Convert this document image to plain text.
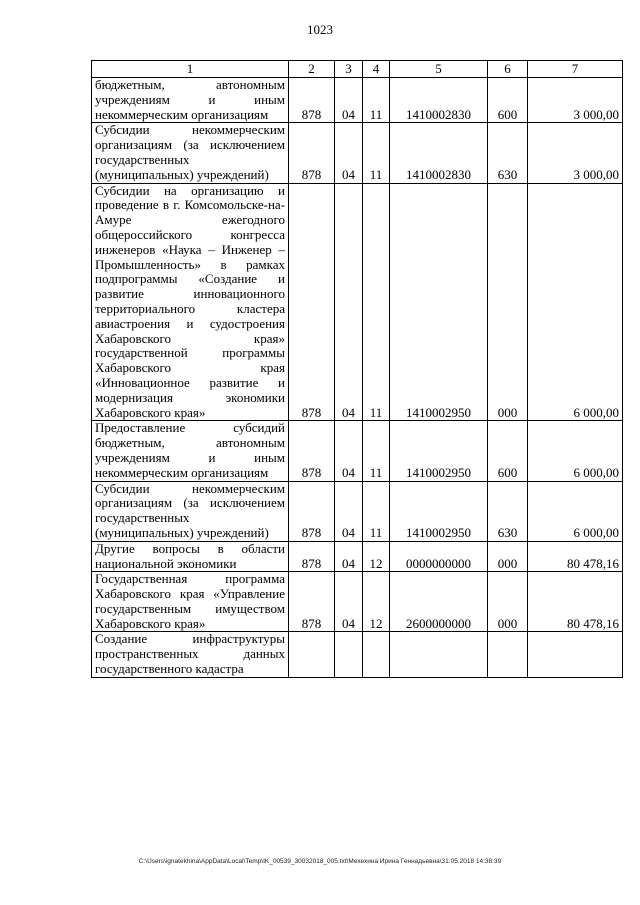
1023
1	2	3	4	5	6	7
бюджетным, автономным учреждениям и иным некоммерческим организациям	878	04	11	1410002830	600	3 000,00
Субсидии некоммерческим организациям (за исключением государственных (муниципальных) учреждений)	878	04	11	1410002830	630	3 000,00
Субсидии на организацию и проведение в г. Комсомольске-на-Амуре ежегодного общероссийского конгресса инженеров «Наука – Инженер – Промышленность» в рамках подпрограммы «Создание и развитие инновационного территориального кластера авиастроения и судостроения Хабаровского края» государственной программы Хабаровского края «Инновационное развитие и модернизация экономики Хабаровского края»	878	04	11	1410002950	000	6 000,00
Предоставление субсидий бюджетным, автономным учреждениям и иным некоммерческим организациям	878	04	11	1410002950	600	6 000,00
Субсидии некоммерческим организациям (за исключением государственных (муниципальных) учреждений)	878	04	11	1410002950	630	6 000,00
Другие вопросы в области национальной экономики	878	04	12	0000000000	000	80 478,16
Государственная программа Хабаровского края «Управление государственным имуществом Хабаровского края»	878	04	12	2600000000	000	80 478,16
Создание инфраструктуры пространственных данных государственного кадастра						
C:\Users\ignatekhina\AppData\Local\Temp\IK_00539_30032018_005.txt\Мехехина Ирина Геннадьевна\31.05.2018 14:38:39
